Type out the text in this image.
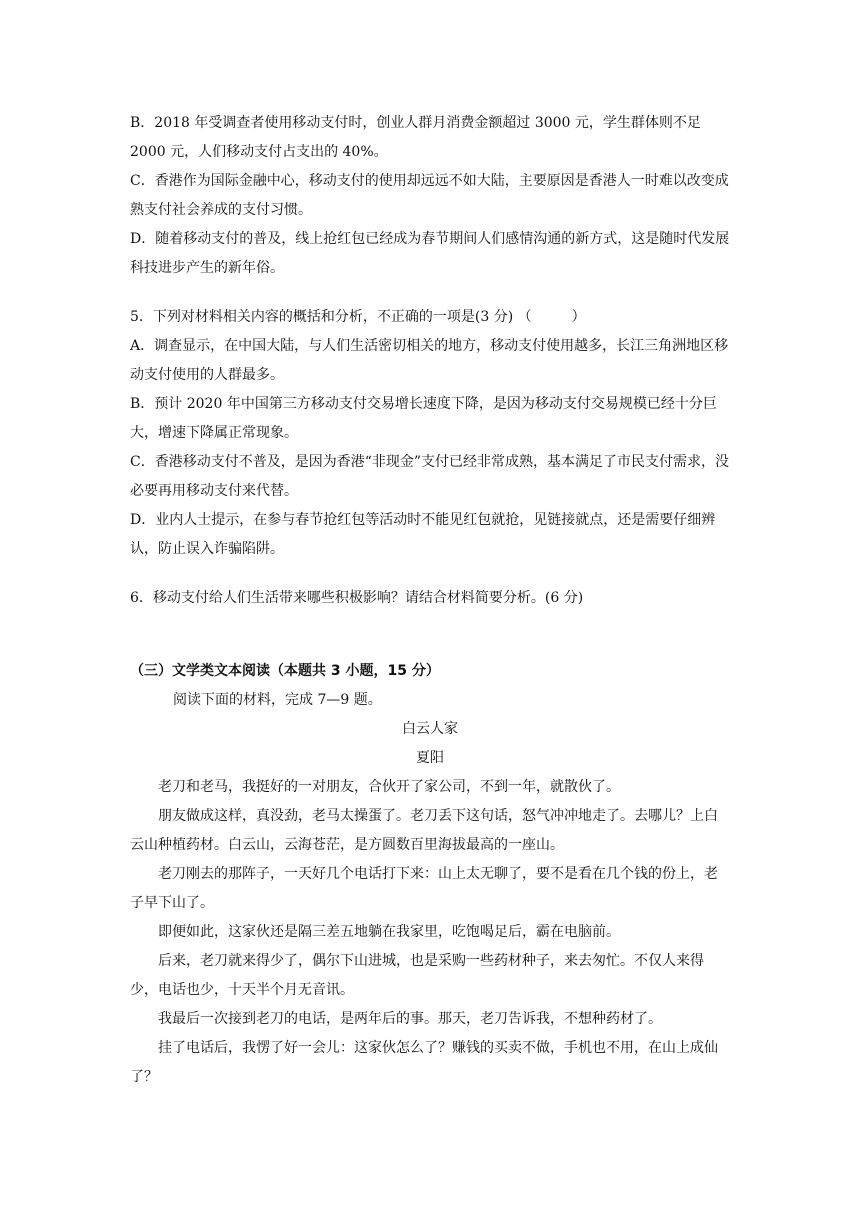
B．2018 年受调查者使用移动支付时，创业人群月消费金额超过 3000 元，学生群体则不足 2000 元，人们移动支付占支出的 40%。

C．香港作为国际金融中心，移动支付的使用却远远不如大陆，主要原因是香港人一时难以改变成熟支付社会养成的支付习惯。

D．随着移动支付的普及，线上抢红包已经成为春节期间人们感情沟通的新方式，这是随时代发展科技进步产生的新年俗。

5．下列对材料相关内容的概括和分析，不正确的一项是(3 分) （	）

A．调查显示，在中国大陆，与人们生活密切相关的地方，移动支付使用越多，长江三角洲地区移动支付使用的人群最多。

B．预计 2020 年中国第三方移动支付交易增长速度下降，是因为移动支付交易规模已经十分巨大，增速下降属正常现象。

C．香港移动支付不普及，是因为香港“非现金”支付已经非常成熟，基本满足了市民支付需求，没必要再用移动支付来代替。

D．业内人士提示，在参与春节抢红包等活动时不能见红包就抢，见链接就点，还是需要仔细辨认，防止误入诈骗陷阱。

6．移动支付给人们生活带来哪些积极影响？请结合材料简要分析。(6 分)

（三）文学类文本阅读（本题共 3 小题，15 分）

阅读下面的材料，完成 7—9 题。

白云人家

夏阳

老刀和老马，我挺好的一对朋友，合伙开了家公司，不到一年，就散伙了。

朋友做成这样，真没劲，老马太操蛋了。老刀丢下这句话，怒气冲冲地走了。去哪儿？上白云山种植药材。白云山，云海苍茫，是方圆数百里海拔最高的一座山。

老刀刚去的那阵子，一天好几个电话打下来：山上太无聊了，要不是看在几个钱的份上，老子早下山了。

即便如此，这家伙还是隔三差五地躺在我家里，吃饱喝足后，霸在电脑前。

后来，老刀就来得少了，偶尔下山进城，也是采购一些药材种子，来去匆忙。不仅人来得少，电话也少，十天半个月无音讯。

我最后一次接到老刀的电话，是两年后的事。那天，老刀告诉我，不想种药材了。

挂了电话后，我愣了好一会儿：这家伙怎么了？赚钱的买卖不做，手机也不用，在山上成仙了？
